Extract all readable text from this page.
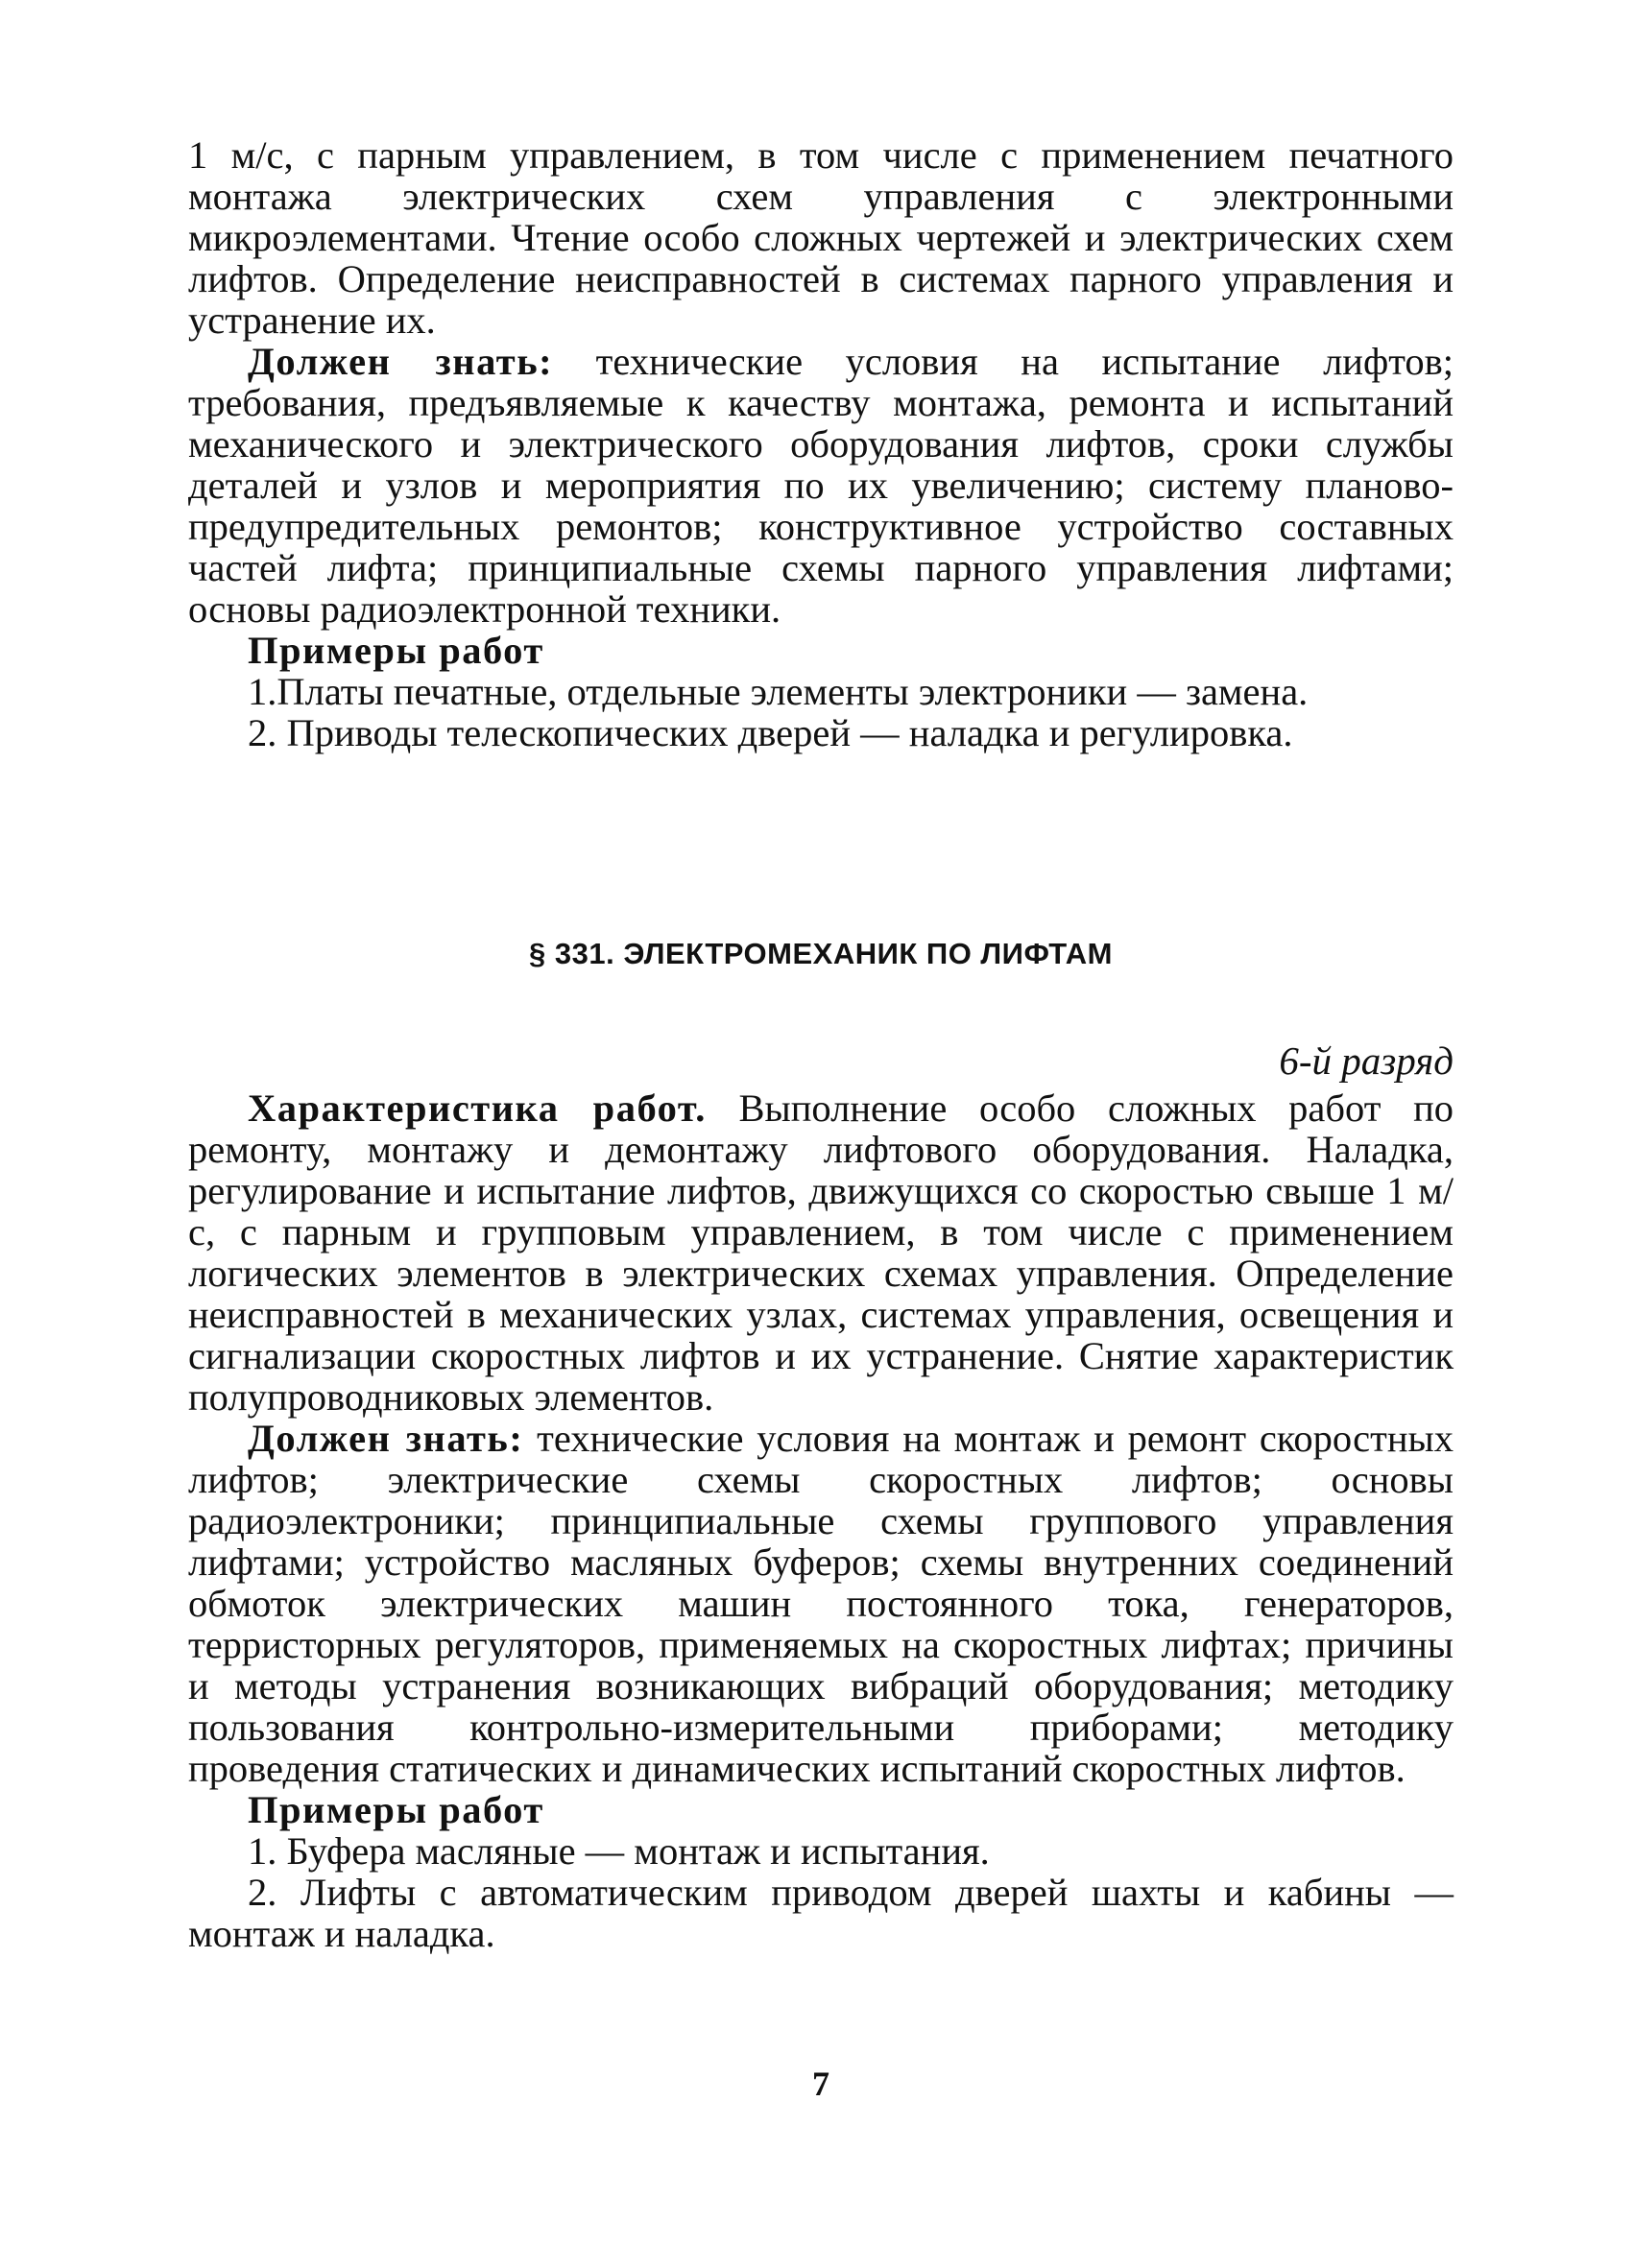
1 м/с, с парным управлением, в том числе с применением печатного монтажа электрических схем управления с электронными микроэлементами. Чтение особо сложных чертежей и электрических схем лифтов. Определение неисправностей в системах парного управления и устранение их.

Должен знать: технические условия на испытание лифтов; требования, предъявляемые к качеству монтажа, ремонта и испытаний механического и электрического оборудования лифтов, сроки службы деталей и узлов и мероприятия по их увеличению; систему планово-предупредительных ремонтов; конструктивное устройство составных частей лифта; принципиальные схемы парного управления лифтами; основы радиоэлектронной техники.

Примеры работ

1.Платы печатные, отдельные элементы электроники — замена.

2. Приводы телескопических дверей — наладка и регулировка.

§ 331. ЭЛЕКТРОМЕХАНИК ПО ЛИФТАМ
6-й разряд

Характеристика работ. Выполнение особо сложных работ по ремонту, монтажу и демонтажу лифтового оборудования. Наладка, регулирование и испытание лифтов, движущихся со скоростью свыше 1 м/с, с парным и групповым управлением, в том числе с применением логических элементов в электрических схемах управления. Определение неисправностей в механических узлах, системах управления, освещения и сигнализации скоростных лифтов и их устранение. Снятие характеристик полупроводниковых элементов.

Должен знать: технические условия на монтаж и ремонт скоростных лифтов; электрические схемы скоростных лифтов; основы радиоэлектроники; принципиальные схемы группового управления лифтами; устройство масляных буферов; схемы внутренних соединений обмоток электрических машин постоянного тока, генераторов, терристорных регуляторов, применяемых на скоростных лифтах; причины и методы устранения возникающих вибраций оборудования; методику пользования контрольно-измерительными приборами; методику проведения статических и динамических испытаний скоростных лифтов.

Примеры работ

1. Буфера масляные — монтаж и испытания.

2. Лифты с автоматическим приводом дверей шахты и кабины — монтаж и наладка.

7
